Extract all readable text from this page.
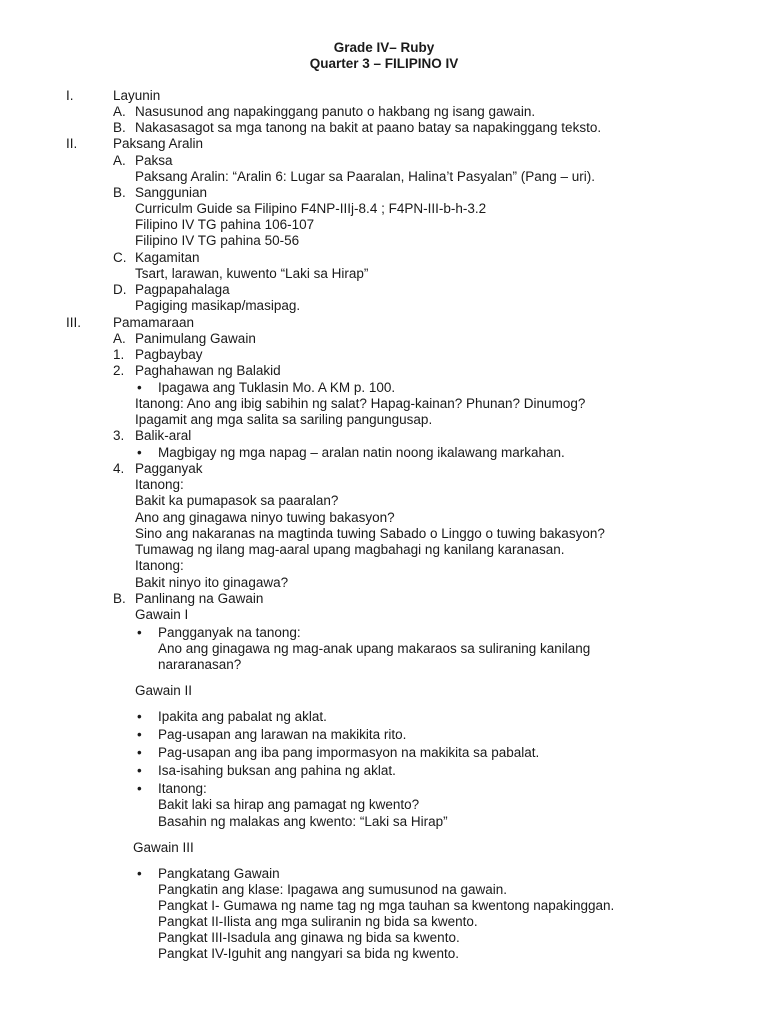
Grade IV– Ruby
Quarter 3 – FILIPINO IV
I.	Layunin
A. Nasusunod ang napakinggang panuto o hakbang ng isang gawain.
B. Nakasasagot sa mga tanong na bakit at paano batay sa napakinggang teksto.
II.	Paksang Aralin
A. Paksa
Paksang Aralin: “Aralin 6: Lugar sa Paaralan, Halina’t Pasyalan” (Pang – uri).
B. Sanggunian
Curriculm Guide sa Filipino F4NP-IIIj-8.4 ; F4PN-III-b-h-3.2
Filipino IV TG pahina 106-107
Filipino IV TG pahina 50-56
C. Kagamitan
Tsart, larawan, kuwento “Laki sa Hirap”
D. Pagpapahalaga
Pagiging masikap/masipag.
III. Pamamaraan
A. Panimulang Gawain
1. Pagbaybay
2. Paghahawan ng Balakid
• Ipagawa ang Tuklasin Mo. A KM p. 100.
Itanong: Ano ang ibig sabihin ng salat? Hapag-kainan? Phunan? Dinumog?
Ipagamit ang mga salita sa sariling pangungusap.
3. Balik-aral
• Magbigay ng mga napag – aralan natin noong ikalawang markahan.
4. Pagganyak
Itanong:
Bakit ka pumapasok sa paaralan?
Ano ang ginagawa ninyo tuwing bakasyon?
Sino ang nakaranas na magtinda tuwing Sabado o Linggo o tuwing bakasyon?
Tumawag ng ilang mag-aaral upang magbahagi ng kanilang karanasan.
Itanong:
Bakit ninyo ito ginagawa?
B. Panlinang na Gawain
Gawain I
• Pangganyak na tanong:
Ano ang ginagawa ng mag-anak upang makaraos sa suliraning kanilang
nararanasan?
Gawain II
• Ipakita ang pabalat ng aklat.
• Pag-usapan ang larawan na makikita rito.
• Pag-usapan ang iba pang impormasyon na makikita sa pabalat.
• Isa-isahing buksan ang pahina ng aklat.
• Itanong:
Bakit laki sa hirap ang pamagat ng kwento?
Basahin ng malakas ang kwento: “Laki sa Hirap”
Gawain III
• Pangkatang Gawain
Pangkatin ang klase: Ipagawa ang sumusunod na gawain.
Pangkat I- Gumawa ng name tag ng mga tauhan sa kwentong napakinggan.
Pangkat II-Ilista ang mga suliranin ng bida sa kwento.
Pangkat III-Isadula ang ginawa ng bida sa kwento.
Pangkat IV-Iguhit ang nangyari sa bida ng kwento.
